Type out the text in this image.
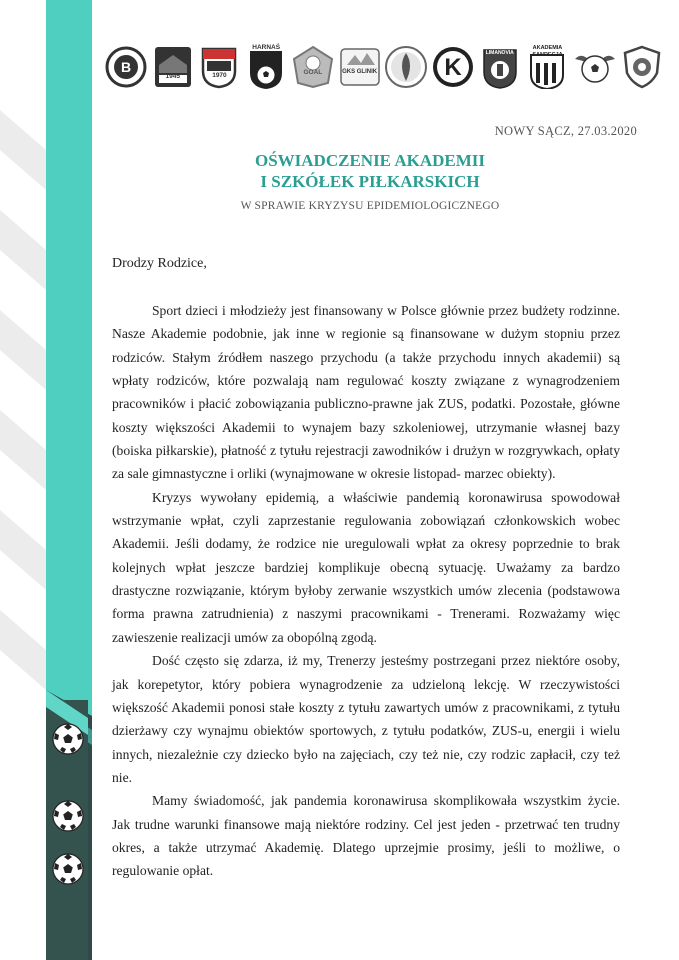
B
1945	1970
HARNAŚ
GOAL	GKS GLINIK	K
LIMANOVIA
AKADEMIA SANDECJA
NOWY SĄCZ, 27.03.2020
OŚWIADCZENIE AKADEMII
I SZKÓŁEK PIŁKARSKICH
W SPRAWIE KRYZYSU EPIDEMIOLOGICZNEGO
Drodzy Rodzice,

Sport dzieci i młodzieży jest finansowany w Polsce głównie przez budżety rodzinne. Nasze Akademie podobnie, jak inne w regionie są finansowane w dużym stopniu przez rodziców. Stałym źródłem naszego przychodu (a także przychodu innych akademii) są wpłaty rodziców, które pozwalają nam regulować koszty związane z wynagrodzeniem pracowników i płacić zobowiązania publiczno-prawne jak ZUS, podatki. Pozostałe, główne koszty większości Akademii to wynajem bazy szkoleniowej, utrzymanie własnej bazy (boiska piłkarskie), płatność z tytułu rejestracji zawodników i drużyn w rozgrywkach, opłaty za sale gimnastyczne i orliki (wynajmowane w okresie listopad- marzec obiekty).

Kryzys wywołany epidemią, a właściwie pandemią koronawirusa spowodował wstrzymanie wpłat, czyli zaprzestanie regulowania zobowiązań członkowskich wobec Akademii. Jeśli dodamy, że rodzice nie uregulowali wpłat za okresy poprzednie to brak kolejnych wpłat jeszcze bardziej komplikuje obecną sytuację. Uważamy za bardzo drastyczne rozwiązanie, którym byłoby zerwanie wszystkich umów zlecenia (podstawowa forma prawna zatrudnienia) z naszymi pracownikami - Trenerami. Rozważamy więc zawieszenie realizacji umów za obopólną zgodą.

Dość często się zdarza, iż my, Trenerzy jesteśmy postrzegani przez niektóre osoby, jak korepetytor, który pobiera wynagrodzenie za udzieloną lekcję. W rzeczywistości większość Akademii ponosi stałe koszty z tytułu zawartych umów z pracownikami, z tytułu dzierżawy czy wynajmu obiektów sportowych, z tytułu podatków, ZUS-u, energii i wielu innych, niezależnie czy dziecko było na zajęciach, czy też nie, czy rodzic zapłacił, czy też nie.

Mamy świadomość, jak pandemia koronawirusa skomplikowała wszystkim życie. Jak trudne warunki finansowe mają niektóre rodziny. Cel jest jeden - przetrwać ten trudny okres, a także utrzymać Akademię. Dlatego uprzejmie prosimy, jeśli to możliwe, o regulowanie opłat.
